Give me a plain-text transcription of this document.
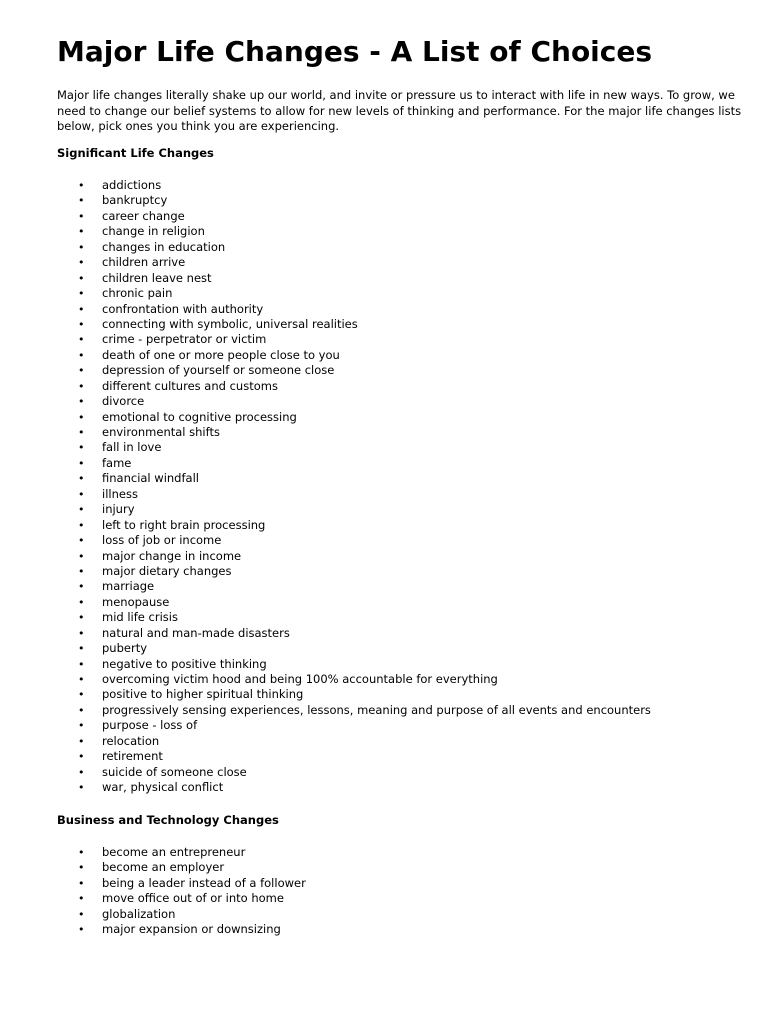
Major Life Changes - A List of Choices

Major life changes literally shake up our world, and invite or pressure us to interact with life in new ways. To grow, we need to change our belief systems to allow for new levels of thinking and performance. For the major life changes lists below, pick ones you think you are experiencing.

Significant Life Changes
• addictions
• bankruptcy
• career change
• change in religion
• changes in education
• children arrive
• children leave nest
• chronic pain
• confrontation with authority
• connecting with symbolic, universal realities
• crime - perpetrator or victim
• death of one or more people close to you
• depression of yourself or someone close
• different cultures and customs
• divorce
• emotional to cognitive processing
• environmental shifts
• fall in love
• fame
• financial windfall
• illness
• injury
• left to right brain processing
• loss of job or income
• major change in income
• major dietary changes
• marriage
• menopause
• mid life crisis
• natural and man-made disasters
• puberty
• negative to positive thinking
• overcoming victim hood and being 100% accountable for everything
• positive to higher spiritual thinking
• progressively sensing experiences, lessons, meaning and purpose of all events and encounters
• purpose - loss of
• relocation
• retirement
• suicide of someone close
• war, physical conflict
Business and Technology Changes
• become an entrepreneur
• become an employer
• being a leader instead of a follower
• move office out of or into home
• globalization
• major expansion or downsizing
